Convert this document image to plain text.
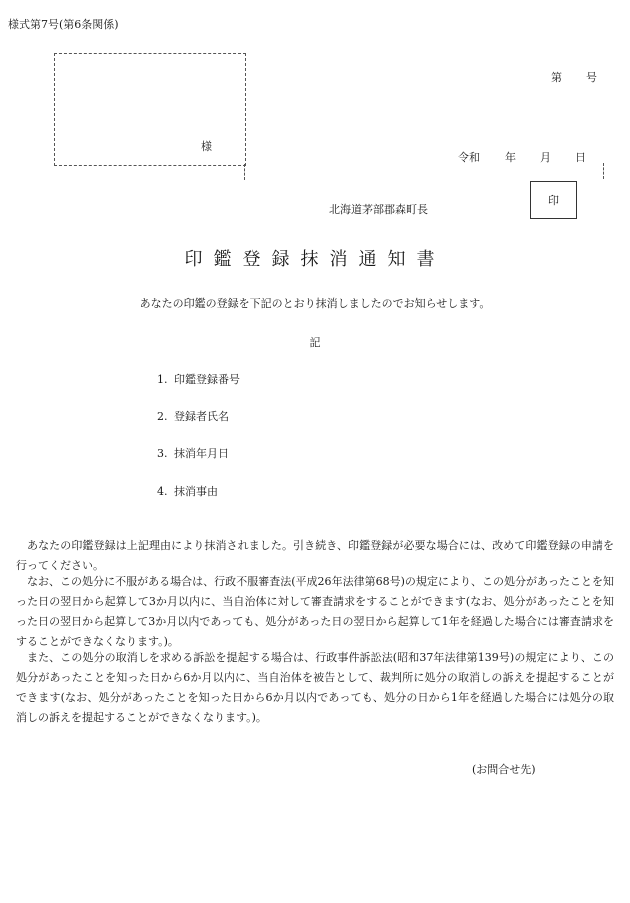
様式第7号(第6条関係)
様
第 号
令和 年 月 日
北海道茅部郡森町長
印
印鑑登録抹消通知書
あなたの印鑑の登録を下記のとおり抹消しましたのでお知らせします。
記
1. 印鑑登録番号
2. 登録者氏名
3. 抹消年月日
4. 抹消事由
あなたの印鑑登録は上記理由により抹消されました。引き続き、印鑑登録が必要な場合には、改めて印鑑登録の申請を行ってください。
なお、この処分に不服がある場合は、行政不服審査法(平成26年法律第68号)の規定により、この処分があったことを知った日の翌日から起算して3か月以内に、当自治体に対して審査請求をすることができます(なお、処分があったことを知った日の翌日から起算して3か月以内であっても、処分があった日の翌日から起算して1年を経過した場合には審査請求をすることができなくなります。)。
また、この処分の取消しを求める訴訟を提起する場合は、行政事件訴訟法(昭和37年法律第139号)の規定により、この処分があったことを知った日から6か月以内に、当自治体を被告として、裁判所に処分の取消しの訴えを提起することができます(なお、処分があったことを知った日から6か月以内であっても、処分の日から1年を経過した場合には処分の取消しの訴えを提起することができなくなります。)。
(お問合せ先)
